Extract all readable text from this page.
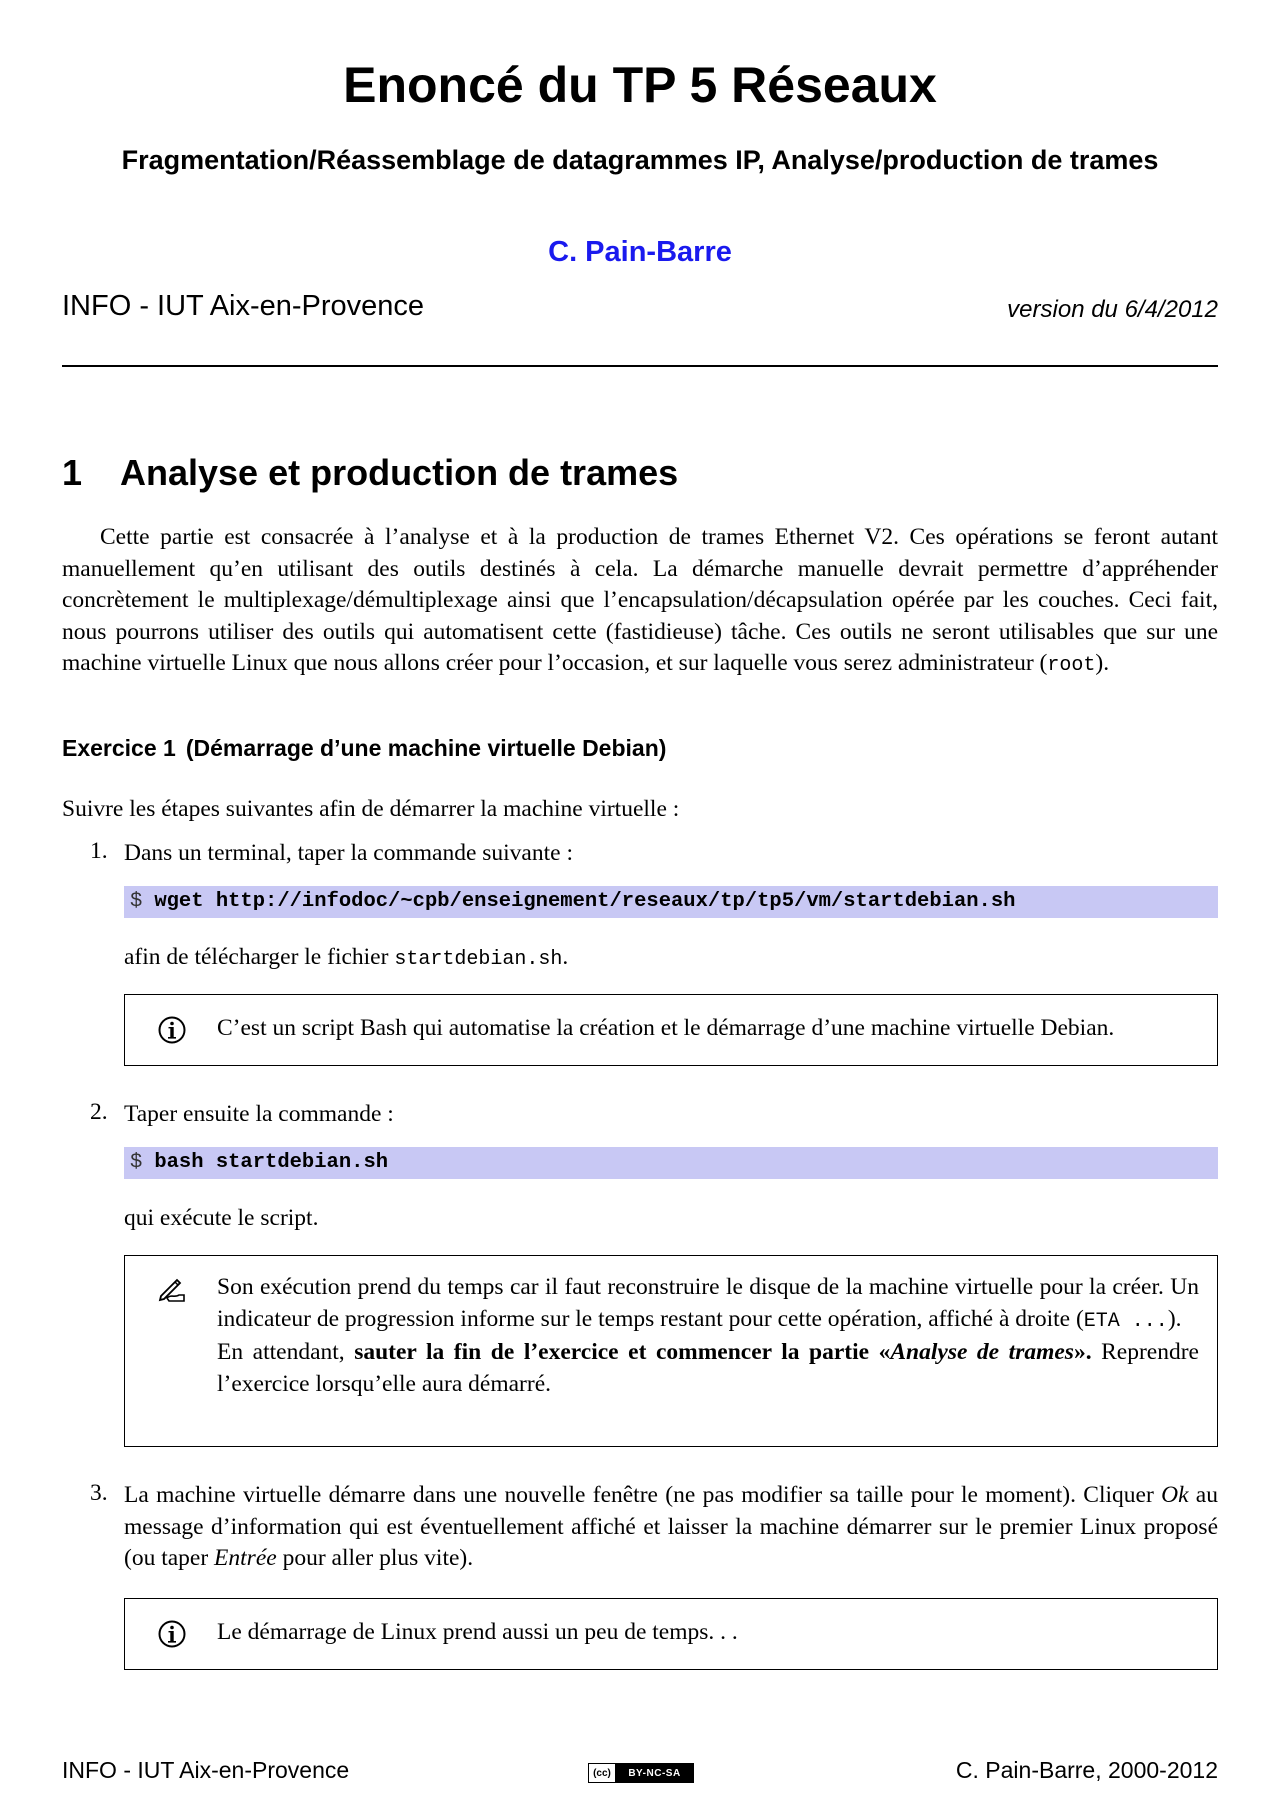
Enoncé du TP 5 Réseaux
Fragmentation/Réassemblage de datagrammes IP, Analyse/production de trames
C. Pain-Barre
INFO - IUT Aix-en-Provence	version du 6/4/2012
1 Analyse et production de trames

Cette partie est consacrée à l’analyse et à la production de trames Ethernet V2. Ces opérations se feront autant manuellement qu’en utilisant des outils destinés à cela. La démarche manuelle devrait permettre d’appréhender concrètement le multiplexage/démultiplexage ainsi que l’encapsulation/décapsulation opérée par les couches. Ceci fait, nous pourrons utiliser des outils qui automatisent cette (fastidieuse) tâche. Ces outils ne seront utilisables que sur une machine virtuelle Linux que nous allons créer pour l’occasion, et sur laquelle vous serez administrateur (root).

Exercice 1 (Démarrage d’une machine virtuelle Debian)
Suivre les étapes suivantes afin de démarrer la machine virtuelle :
1. Dans un terminal, taper la commande suivante :

$ wget http://infodoc/~cpb/enseignement/reseaux/tp/tp5/vm/startdebian.sh

afin de télécharger le fichier startdebian.sh.

C’est un script Bash qui automatise la création et le démarrage d’une machine virtuelle Debian.

2. Taper ensuite la commande :

$ bash startdebian.sh

qui exécute le script.

Son exécution prend du temps car il faut reconstruire le disque de la machine virtuelle pour la créer. Un indicateur de progression informe sur le temps restant pour cette opération, affiché à droite (ETA ...).
En attendant, sauter la fin de l’exercice et commencer la partie «Analyse de trames». Reprendre l’exercice lorsqu’elle aura démarré.

3. La machine virtuelle démarre dans une nouvelle fenêtre (ne pas modifier sa taille pour le moment). Cliquer Ok au message d’information qui est éventuellement affiché et laisser la machine démarrer sur le premier Linux proposé (ou taper Entrée pour aller plus vite).

Le démarrage de Linux prend aussi un peu de temps. . .

INFO - IUT Aix-en-Provence	(cc)	BY-NC-SA	C. Pain-Barre, 2000-2012
